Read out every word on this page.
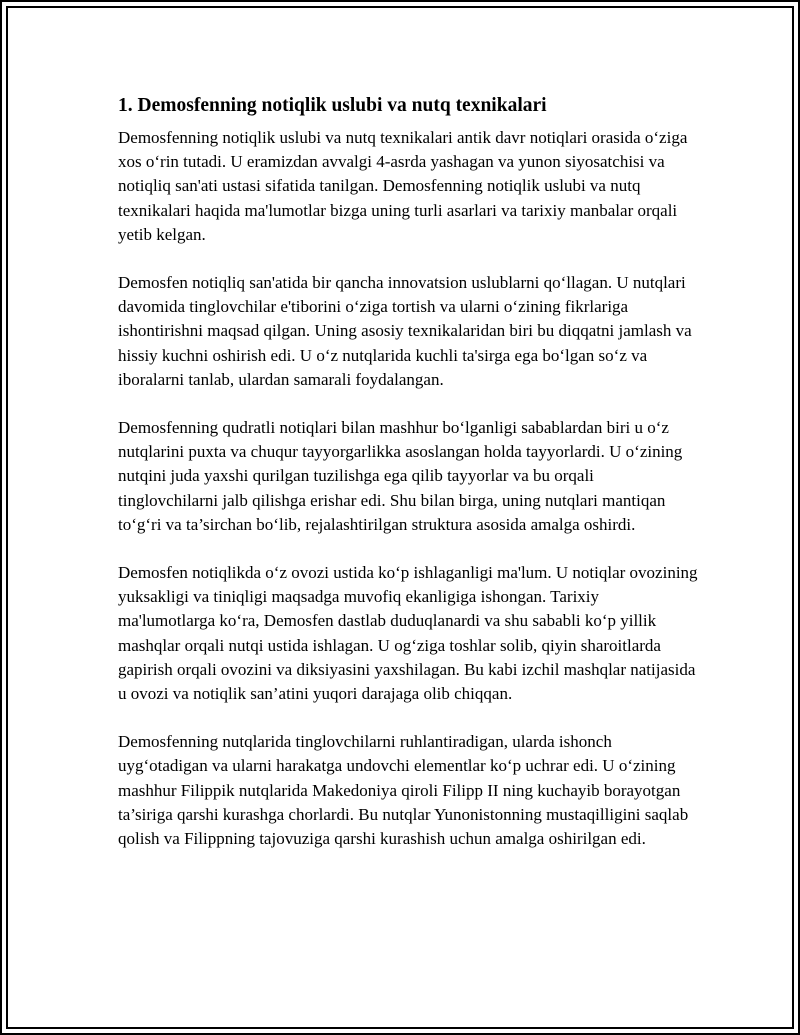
1. Demosfenning notiqlik uslubi va nutq texnikalari

Demosfenning notiqlik uslubi va nutq texnikalari antik davr notiqlari orasida o‘ziga xos o‘rin tutadi. U eramizdan avvalgi 4-asrda yashagan va yunon siyosatchisi va notiqliq san'ati ustasi sifatida tanilgan. Demosfenning notiqlik uslubi va nutq texnikalari haqida ma'lumotlar bizga uning turli asarlari va tarixiy manbalar orqali yetib kelgan.

Demosfen notiqliq san'atida bir qancha innovatsion uslublarni qo‘llagan. U nutqlari davomida tinglovchilar e'tiborini o‘ziga tortish va ularni o‘zining fikrlariga ishontirishni maqsad qilgan. Uning asosiy texnikalaridan biri bu diqqatni jamlash va hissiy kuchni oshirish edi. U o‘z nutqlarida kuchli ta'sirga ega bo‘lgan so‘z va iboralarni tanlab, ulardan samarali foydalangan.

Demosfenning qudratli notiqlari bilan mashhur bo‘lganligi sabablardan biri u o‘z nutqlarini puxta va chuqur tayyorgarlikka asoslangan holda tayyorlardi. U o‘zining nutqini juda yaxshi qurilgan tuzilishga ega qilib tayyorlar va bu orqali tinglovchilarni jalb qilishga erishar edi. Shu bilan birga, uning nutqlari mantiqan to‘g‘ri va ta’sirchan bo‘lib, rejalashtirilgan struktura asosida amalga oshirdi.

Demosfen notiqlikda o‘z ovozi ustida ko‘p ishlaganligi ma'lum. U notiqlar ovozining yuksakligi va tiniqligi maqsadga muvofiq ekanligiga ishongan. Tarixiy ma'lumotlarga ko‘ra, Demosfen dastlab duduqlanardi va shu sababli ko‘p yillik mashqlar orqali nutqi ustida ishlagan. U og‘ziga toshlar solib, qiyin sharoitlarda gapirish orqali ovozini va diksiyasini yaxshilagan. Bu kabi izchil mashqlar natijasida u ovozi va notiqlik san’atini yuqori darajaga olib chiqqan.

Demosfenning nutqlarida tinglovchilarni ruhlantiradigan, ularda ishonch uyg‘otadigan va ularni harakatga undovchi elementlar ko‘p uchrar edi. U o‘zining mashhur Filippik nutqlarida Makedoniya qiroli Filipp II ning kuchayib borayotgan ta’siriga qarshi kurashga chorlardi. Bu nutqlar Yunonistonning mustaqilligini saqlab qolish va Filippning tajovuziga qarshi kurashish uchun amalga oshirilgan edi.
